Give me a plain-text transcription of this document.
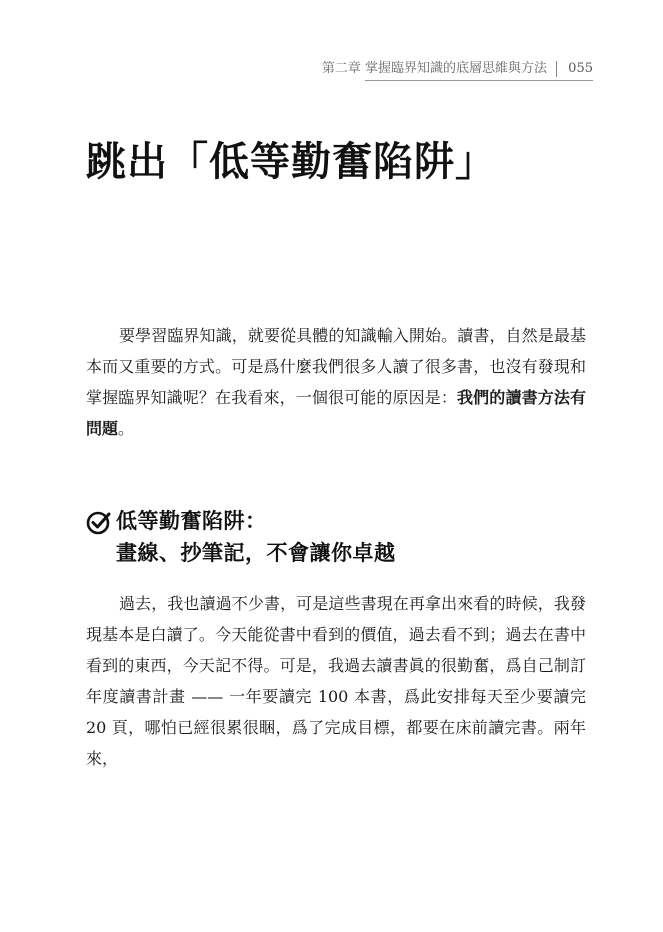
第二章 掌握臨界知識的底層思維與方法 055
跳出「低等勤奮陷阱」

要學習臨界知識，就要從具體的知識輸入開始。讀書，自然是最基本而又重要的方式。可是爲什麼我們很多人讀了很多書，也沒有發現和掌握臨界知識呢？在我看來，一個很可能的原因是：我們的讀書方法有問題。

低等勤奮陷阱：
畫線、抄筆記，不會讓你卓越

過去，我也讀過不少書，可是這些書現在再拿出來看的時候，我發現基本是白讀了。今天能從書中看到的價值，過去看不到；過去在書中看到的東西，今天記不得。可是，我過去讀書眞的很勤奮，爲自己制訂年度讀書計畫 —— 一年要讀完 100 本書，爲此安排每天至少要讀完 20 頁，哪怕已經很累很睏，爲了完成目標，都要在床前讀完書。兩年來，
